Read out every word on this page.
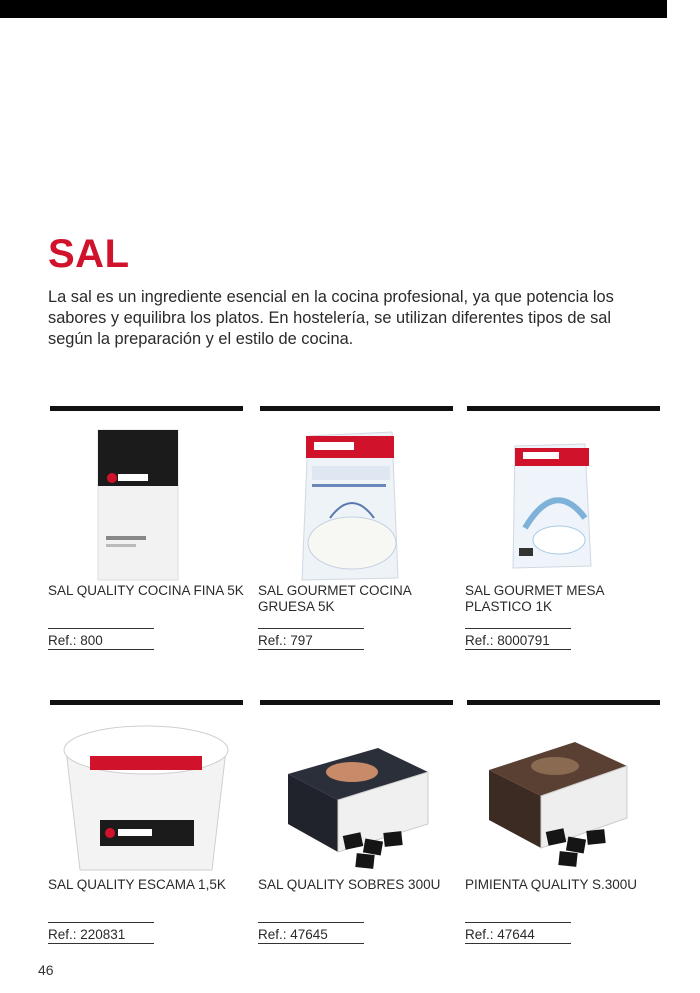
SAL

La sal es un ingrediente esencial en la cocina profesional, ya que potencia los sabores y equilibra los platos. En hostelería, se utilizan diferentes tipos de sal según la preparación y el estilo de cocina.

SAL QUALITY COCINA FINA 5K
Ref.: 800
SAL GOURMET COCINA GRUESA 5K
Ref.: 797
SAL GOURMET MESA PLASTICO 1K
Ref.: 8000791
SAL QUALITY ESCAMA 1,5K
Ref.: 220831
SAL QUALITY SOBRES 300U
Ref.: 47645
PIMIENTA QUALITY S.300U
Ref.: 47644
46
